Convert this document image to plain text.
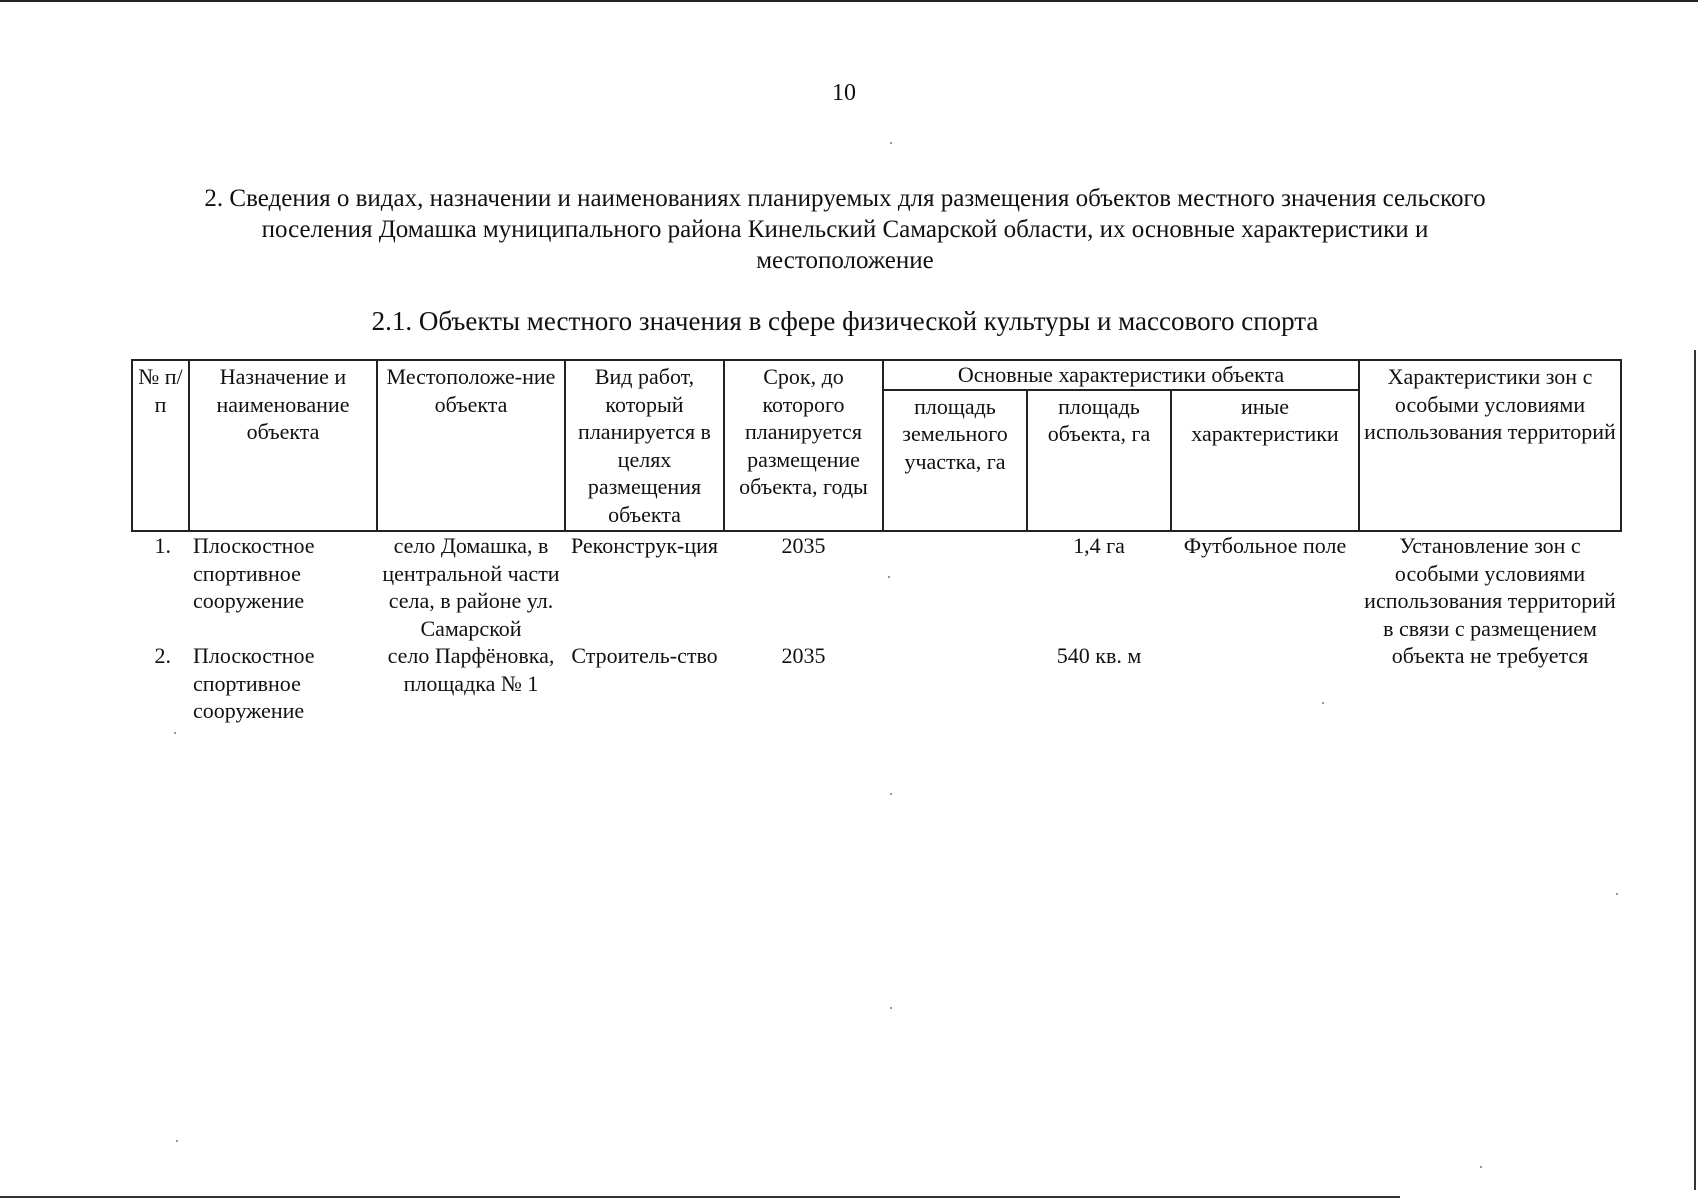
10
2. Сведения о видах, назначении и наименованиях планируемых для размещения объектов местного значения сельского поселения Домашка муниципального района Кинельский Самарской области, их основные характеристики и местоположение
2.1. Объекты местного значения в сфере физической культуры и массового спорта
№ п/п	Назначение и наименование объекта	Местоположе-ние объекта	Вид работ, который планируется в целях размещения объекта	Срок, до которого планируется размещение объекта, годы	Основные характеристики объекта			Характеристики зон с особыми условиями использования территорий
					площадь земельного участка, га	площадь объекта, га	иные характеристики	
1.	Плоскостное спортивное сооружение	село Домашка, в центральной части села, в районе ул. Самарской	Реконструк-ция	2035		1,4 га	Футбольное поле	Установление зон с особыми условиями использования территорий в связи с размещением объекта не требуется
2.	Плоскостное спортивное сооружение	село Парфёновка, площадка № 1	Строитель-ство	2035		540 кв. м		
